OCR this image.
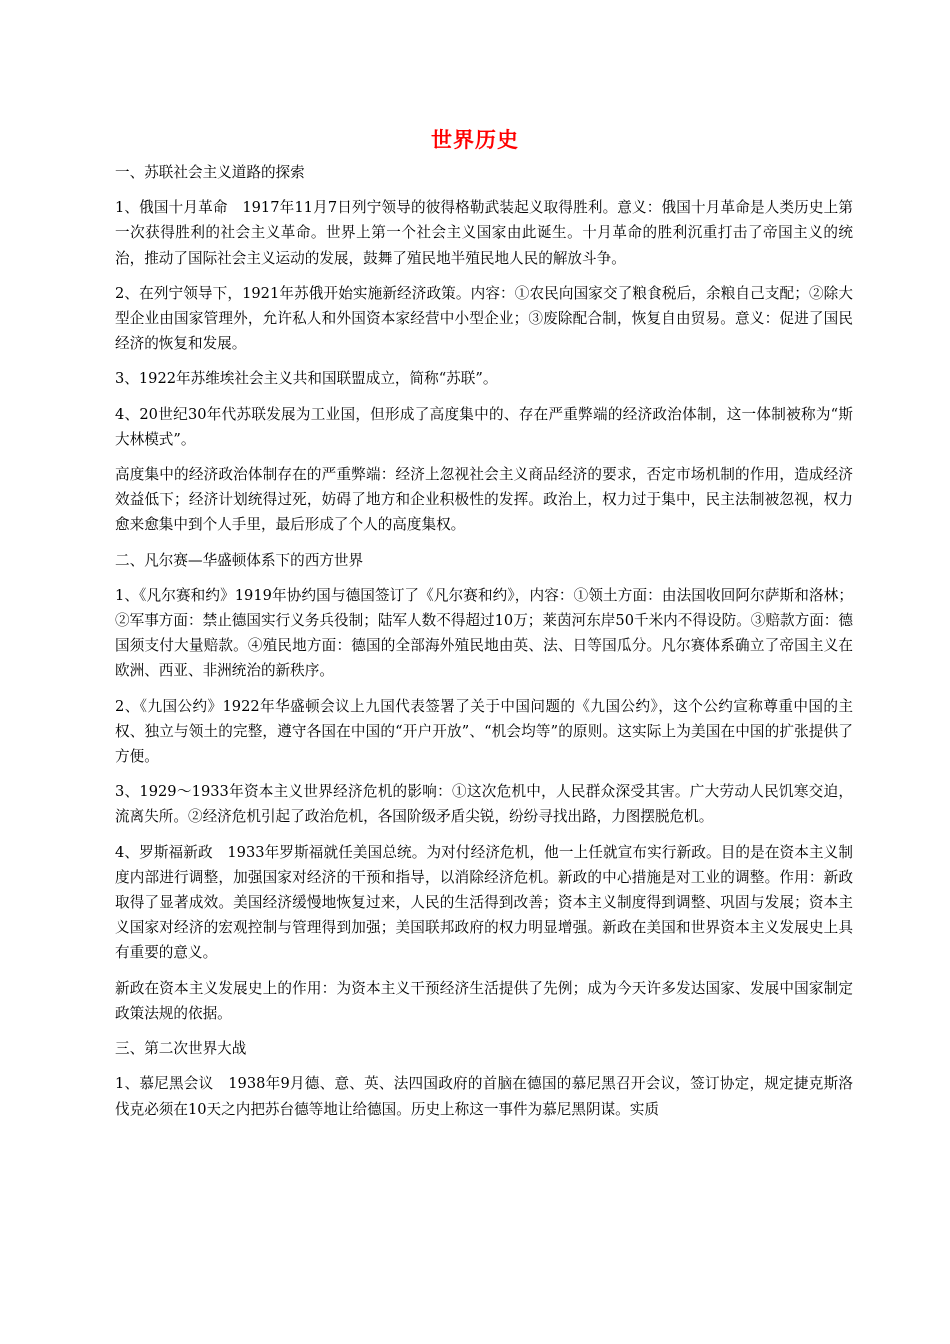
世界历史

一、苏联社会主义道路的探索

1、俄国十月革命　1917年11月7日列宁领导的彼得格勒武装起义取得胜利。意义：俄国十月革命是人类历史上第一次获得胜利的社会主义革命。世界上第一个社会主义国家由此诞生。十月革命的胜利沉重打击了帝国主义的统治，推动了国际社会主义运动的发展，鼓舞了殖民地半殖民地人民的解放斗争。

2、在列宁领导下，1921年苏俄开始实施新经济政策。内容：①农民向国家交了粮食税后，余粮自己支配；②除大型企业由国家管理外，允许私人和外国资本家经营中小型企业；③废除配合制，恢复自由贸易。意义：促进了国民经济的恢复和发展。

3、1922年苏维埃社会主义共和国联盟成立，简称“苏联”。

4、20世纪30年代苏联发展为工业国，但形成了高度集中的、存在严重弊端的经济政治体制，这一体制被称为“斯大林模式”。

高度集中的经济政治体制存在的严重弊端：经济上忽视社会主义商品经济的要求，否定市场机制的作用，造成经济效益低下；经济计划统得过死，妨碍了地方和企业积极性的发挥。政治上，权力过于集中，民主法制被忽视，权力愈来愈集中到个人手里，最后形成了个人的高度集权。

二、凡尔赛—华盛顿体系下的西方世界

1、《凡尔赛和约》1919年协约国与德国签订了《凡尔赛和约》，内容：①领土方面：由法国收回阿尔萨斯和洛林；②军事方面：禁止德国实行义务兵役制；陆军人数不得超过10万；莱茵河东岸50千米内不得设防。③赔款方面：德国须支付大量赔款。④殖民地方面：德国的全部海外殖民地由英、法、日等国瓜分。凡尔赛体系确立了帝国主义在欧洲、西亚、非洲统治的新秩序。

2、《九国公约》1922年华盛顿会议上九国代表签署了关于中国问题的《九国公约》，这个公约宣称尊重中国的主权、独立与领土的完整，遵守各国在中国的“开户开放”、“机会均等”的原则。这实际上为美国在中国的扩张提供了方便。

3、1929～1933年资本主义世界经济危机的影响：①这次危机中，人民群众深受其害。广大劳动人民饥寒交迫，流离失所。②经济危机引起了政治危机，各国阶级矛盾尖锐，纷纷寻找出路，力图摆脱危机。

4、罗斯福新政　1933年罗斯福就任美国总统。为对付经济危机，他一上任就宣布实行新政。目的是在资本主义制度内部进行调整，加强国家对经济的干预和指导，以消除经济危机。新政的中心措施是对工业的调整。作用：新政取得了显著成效。美国经济缓慢地恢复过来，人民的生活得到改善；资本主义制度得到调整、巩固与发展；资本主义国家对经济的宏观控制与管理得到加强；美国联邦政府的权力明显增强。新政在美国和世界资本主义发展史上具有重要的意义。

新政在资本主义发展史上的作用：为资本主义干预经济生活提供了先例；成为今天许多发达国家、发展中国家制定政策法规的依据。

三、第二次世界大战

1、慕尼黑会议　1938年9月德、意、英、法四国政府的首脑在德国的慕尼黑召开会议，签订协定，规定捷克斯洛伐克必须在10天之内把苏台德等地让给德国。历史上称这一事件为慕尼黑阴谋。实质
